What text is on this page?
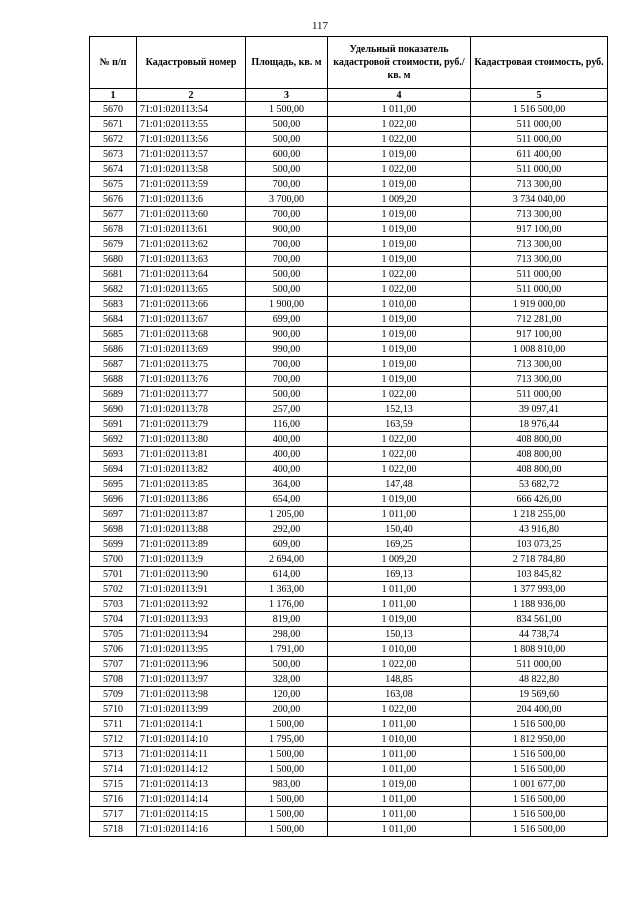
117
№ п/п	Кадастровый номер	Площадь, кв. м	Удельный показатель кадастровой стоимости, руб./кв. м	Кадастровая стоимость, руб.
1	2	3	4	5
5670	71:01:020113:54	1 500,00	1 011,00	1 516 500,00
5671	71:01:020113:55	500,00	1 022,00	511 000,00
5672	71:01:020113:56	500,00	1 022,00	511 000,00
5673	71:01:020113:57	600,00	1 019,00	611 400,00
5674	71:01:020113:58	500,00	1 022,00	511 000,00
5675	71:01:020113:59	700,00	1 019,00	713 300,00
5676	71:01:020113:6	3 700,00	1 009,20	3 734 040,00
5677	71:01:020113:60	700,00	1 019,00	713 300,00
5678	71:01:020113:61	900,00	1 019,00	917 100,00
5679	71:01:020113:62	700,00	1 019,00	713 300,00
5680	71:01:020113:63	700,00	1 019,00	713 300,00
5681	71:01:020113:64	500,00	1 022,00	511 000,00
5682	71:01:020113:65	500,00	1 022,00	511 000,00
5683	71:01:020113:66	1 900,00	1 010,00	1 919 000,00
5684	71:01:020113:67	699,00	1 019,00	712 281,00
5685	71:01:020113:68	900,00	1 019,00	917 100,00
5686	71:01:020113:69	990,00	1 019,00	1 008 810,00
5687	71:01:020113:75	700,00	1 019,00	713 300,00
5688	71:01:020113:76	700,00	1 019,00	713 300,00
5689	71:01:020113:77	500,00	1 022,00	511 000,00
5690	71:01:020113:78	257,00	152,13	39 097,41
5691	71:01:020113:79	116,00	163,59	18 976,44
5692	71:01:020113:80	400,00	1 022,00	408 800,00
5693	71:01:020113:81	400,00	1 022,00	408 800,00
5694	71:01:020113:82	400,00	1 022,00	408 800,00
5695	71:01:020113:85	364,00	147,48	53 682,72
5696	71:01:020113:86	654,00	1 019,00	666 426,00
5697	71:01:020113:87	1 205,00	1 011,00	1 218 255,00
5698	71:01:020113:88	292,00	150,40	43 916,80
5699	71:01:020113:89	609,00	169,25	103 073,25
5700	71:01:020113:9	2 694,00	1 009,20	2 718 784,80
5701	71:01:020113:90	614,00	169,13	103 845,82
5702	71:01:020113:91	1 363,00	1 011,00	1 377 993,00
5703	71:01:020113:92	1 176,00	1 011,00	1 188 936,00
5704	71:01:020113:93	819,00	1 019,00	834 561,00
5705	71:01:020113:94	298,00	150,13	44 738,74
5706	71:01:020113:95	1 791,00	1 010,00	1 808 910,00
5707	71:01:020113:96	500,00	1 022,00	511 000,00
5708	71:01:020113:97	328,00	148,85	48 822,80
5709	71:01:020113:98	120,00	163,08	19 569,60
5710	71:01:020113:99	200,00	1 022,00	204 400,00
5711	71:01:020114:1	1 500,00	1 011,00	1 516 500,00
5712	71:01:020114:10	1 795,00	1 010,00	1 812 950,00
5713	71:01:020114:11	1 500,00	1 011,00	1 516 500,00
5714	71:01:020114:12	1 500,00	1 011,00	1 516 500,00
5715	71:01:020114:13	983,00	1 019,00	1 001 677,00
5716	71:01:020114:14	1 500,00	1 011,00	1 516 500,00
5717	71:01:020114:15	1 500,00	1 011,00	1 516 500,00
5718	71:01:020114:16	1 500,00	1 011,00	1 516 500,00
